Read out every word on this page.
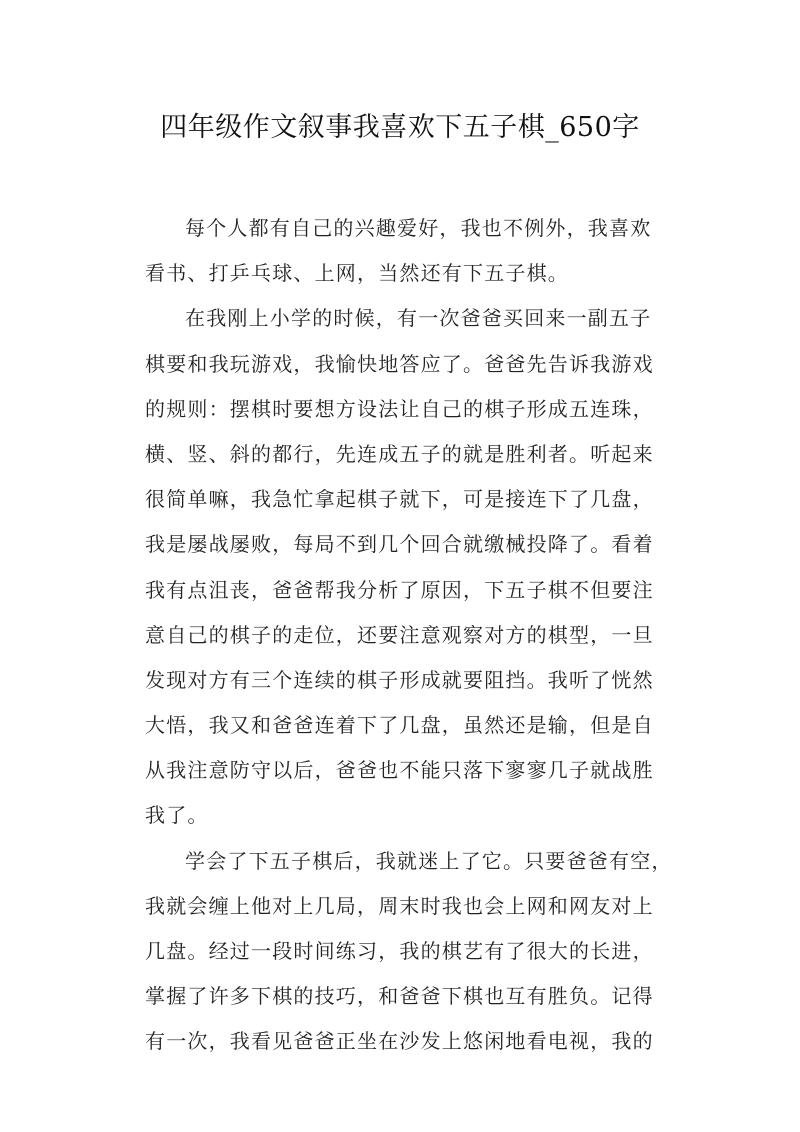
四年级作文叙事我喜欢下五子棋_650字
每个人都有自己的兴趣爱好，我也不例外，我喜欢
看书、打乒乓球、上网，当然还有下五子棋。
在我刚上小学的时候，有一次爸爸买回来一副五子
棋要和我玩游戏，我愉快地答应了。爸爸先告诉我游戏
的规则：摆棋时要想方设法让自己的棋子形成五连珠，
横、竖、斜的都行，先连成五子的就是胜利者。听起来
很简单嘛，我急忙拿起棋子就下，可是接连下了几盘，
我是屡战屡败，每局不到几个回合就缴械投降了。看着
我有点沮丧，爸爸帮我分析了原因，下五子棋不但要注
意自己的棋子的走位，还要注意观察对方的棋型，一旦
发现对方有三个连续的棋子形成就要阻挡。我听了恍然
大悟，我又和爸爸连着下了几盘，虽然还是输，但是自
从我注意防守以后，爸爸也不能只落下寥寥几子就战胜
我了。
学会了下五子棋后，我就迷上了它。只要爸爸有空，
我就会缠上他对上几局，周末时我也会上网和网友对上
几盘。经过一段时间练习，我的棋艺有了很大的长进，
掌握了许多下棋的技巧，和爸爸下棋也互有胜负。记得
有一次，我看见爸爸正坐在沙发上悠闲地看电视，我的
